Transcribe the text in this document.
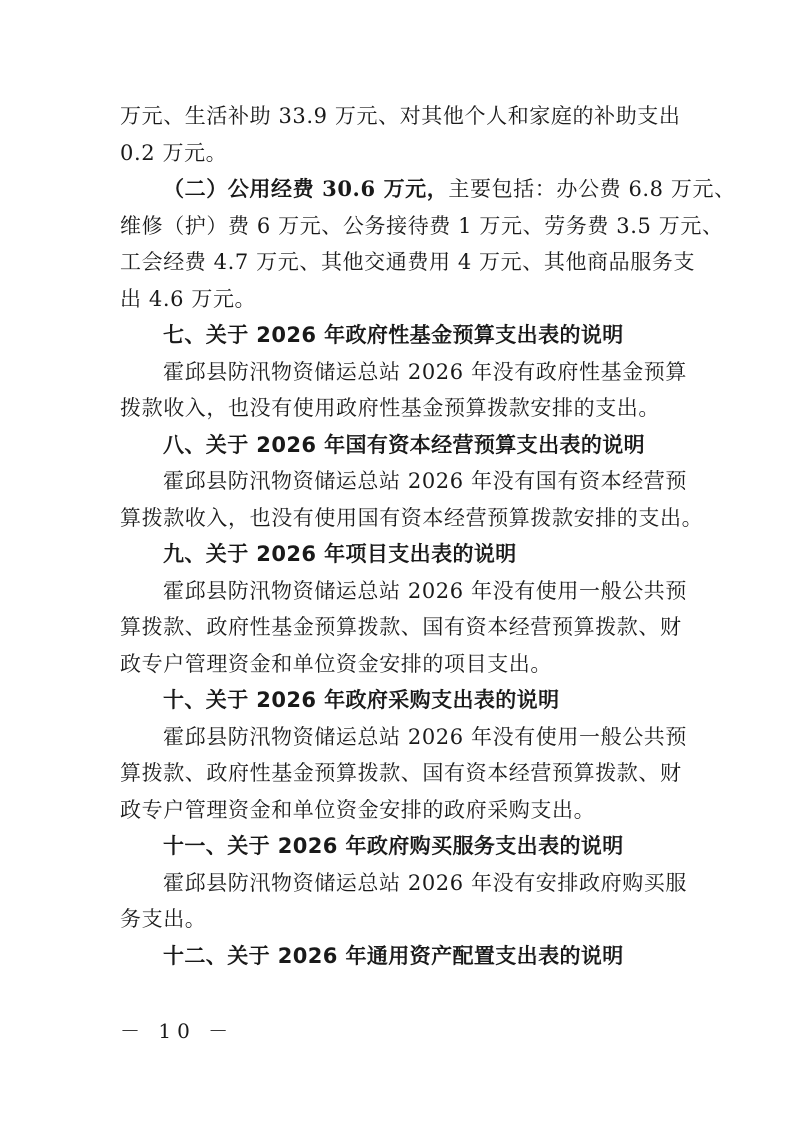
万元、生活补助 33.9 万元、对其他个人和家庭的补助支出

0.2 万元。

（二）公用经费 30.6 万元，主要包括：办公费 6.8 万元、

维修（护）费 6 万元、公务接待费 1 万元、劳务费 3.5 万元、

工会经费 4.7 万元、其他交通费用 4 万元、其他商品服务支

出 4.6 万元。

七、关于 2026 年政府性基金预算支出表的说明

霍邱县防汛物资储运总站 2026 年没有政府性基金预算

拨款收入，也没有使用政府性基金预算拨款安排的支出。

八、关于 2026 年国有资本经营预算支出表的说明

霍邱县防汛物资储运总站 2026 年没有国有资本经营预

算拨款收入，也没有使用国有资本经营预算拨款安排的支出。

九、关于 2026 年项目支出表的说明

霍邱县防汛物资储运总站 2026 年没有使用一般公共预

算拨款、政府性基金预算拨款、国有资本经营预算拨款、财

政专户管理资金和单位资金安排的项目支出。

十、关于 2026 年政府采购支出表的说明

霍邱县防汛物资储运总站 2026 年没有使用一般公共预

算拨款、政府性基金预算拨款、国有资本经营预算拨款、财

政专户管理资金和单位资金安排的政府采购支出。

十一、关于 2026 年政府购买服务支出表的说明

霍邱县防汛物资储运总站 2026 年没有安排政府购买服

务支出。

十二、关于 2026 年通用资产配置支出表的说明

－ 10 －
